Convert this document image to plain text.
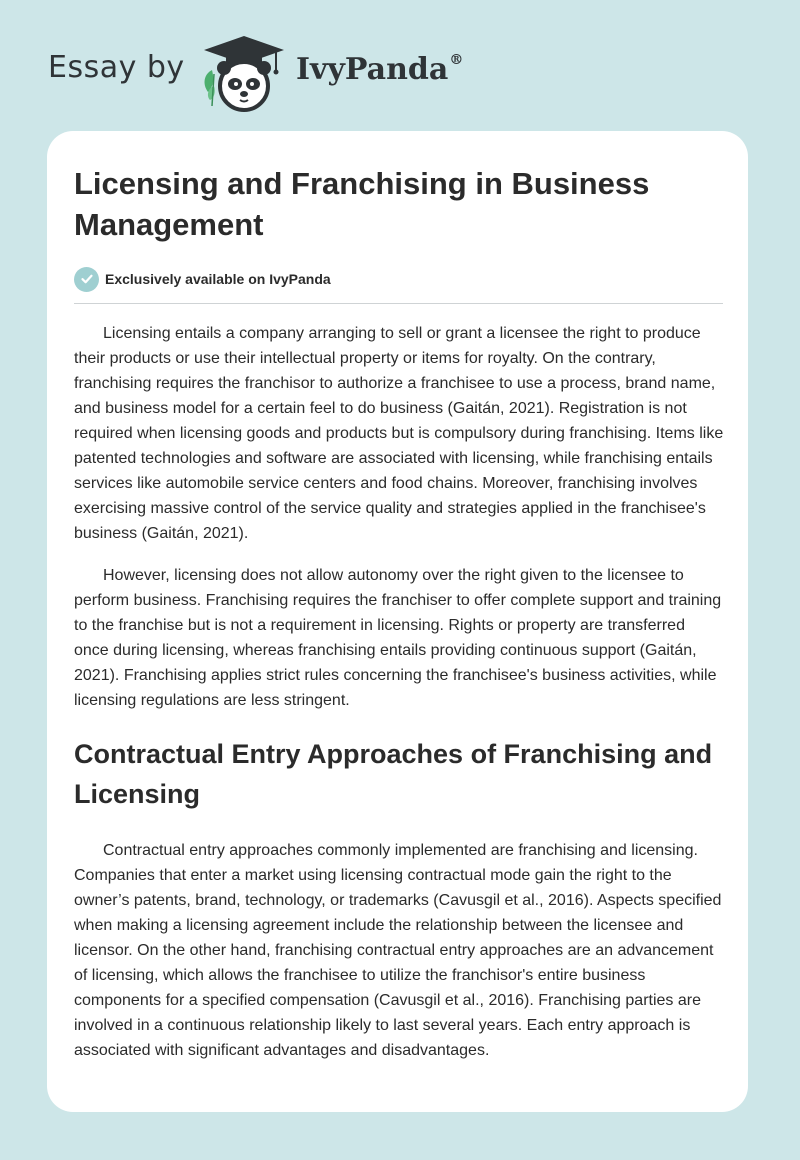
Essay by	IvyPanda®
Licensing and Franchising in Business Management
Exclusively available on IvyPanda

Licensing entails a company arranging to sell or grant a licensee the right to produce their products or use their intellectual property or items for royalty. On the contrary, franchising requires the franchisor to authorize a franchisee to use a process, brand name, and business model for a certain feel to do business (Gaitán, 2021). Registration is not required when licensing goods and products but is compulsory during franchising. Items like patented technologies and software are associated with licensing, while franchising entails services like automobile service centers and food chains. Moreover, franchising involves exercising massive control of the service quality and strategies applied in the franchisee's business (Gaitán, 2021).

However, licensing does not allow autonomy over the right given to the licensee to perform business. Franchising requires the franchiser to offer complete support and training to the franchise but is not a requirement in licensing. Rights or property are transferred once during licensing, whereas franchising entails providing continuous support (Gaitán, 2021). Franchising applies strict rules concerning the franchisee's business activities, while licensing regulations are less stringent.

Contractual Entry Approaches of Franchising and Licensing

Contractual entry approaches commonly implemented are franchising and licensing. Companies that enter a market using licensing contractual mode gain the right to the owner’s patents, brand, technology, or trademarks (Cavusgil et al., 2016). Aspects specified when making a licensing agreement include the relationship between the licensee and licensor. On the other hand, franchising contractual entry approaches are an advancement of licensing, which allows the franchisee to utilize the franchisor's entire business components for a specified compensation (Cavusgil et al., 2016). Franchising parties are involved in a continuous relationship likely to last several years. Each entry approach is associated with significant advantages and disadvantages.
